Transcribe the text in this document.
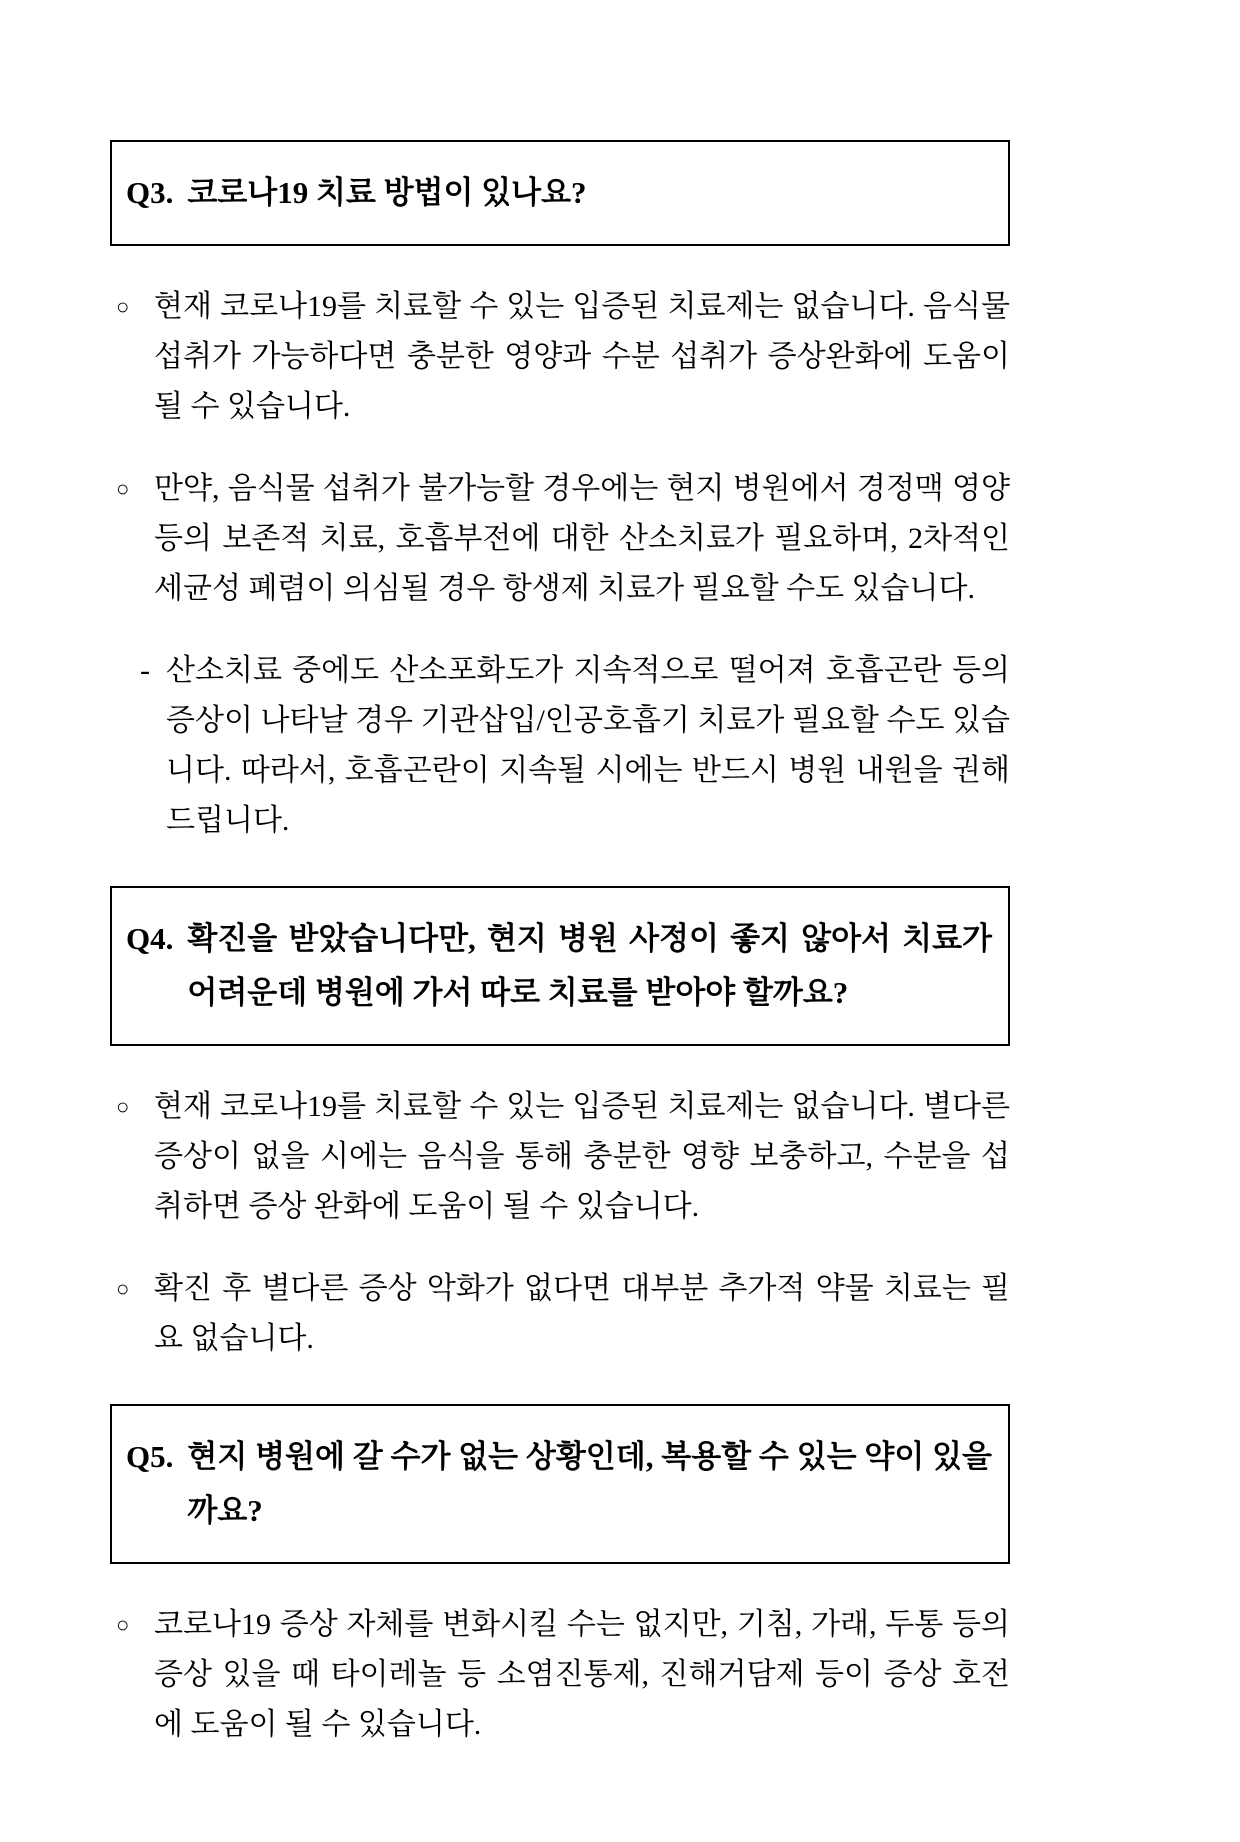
Q3. 코로나19 치료 방법이 있나요?
○ 현재 코로나19를 치료할 수 있는 입증된 치료제는 없습니다. 음식물 섭취가 가능하다면 충분한 영양과 수분 섭취가 증상완화에 도움이 될 수 있습니다.
○ 만약, 음식물 섭취가 불가능할 경우에는 현지 병원에서 경정맥 영양 등의 보존적 치료, 호흡부전에 대한 산소치료가 필요하며, 2차적인 세균성 폐렴이 의심될 경우 항생제 치료가 필요할 수도 있습니다.
- 산소치료 중에도 산소포화도가 지속적으로 떨어져 호흡곤란 등의 증상이 나타날 경우 기관삽입/인공호흡기 치료가 필요할 수도 있습니다. 따라서, 호흡곤란이 지속될 시에는 반드시 병원 내원을 권해드립니다.
Q4. 확진을 받았습니다만, 현지 병원 사정이 좋지 않아서 치료가 어려운데 병원에 가서 따로 치료를 받아야 할까요?
○ 현재 코로나19를 치료할 수 있는 입증된 치료제는 없습니다. 별다른 증상이 없을 시에는 음식을 통해 충분한 영향 보충하고, 수분을 섭취하면 증상 완화에 도움이 될 수 있습니다.
○ 확진 후 별다른 증상 악화가 없다면 대부분 추가적 약물 치료는 필요 없습니다.
Q5. 현지 병원에 갈 수가 없는 상황인데, 복용할 수 있는 약이 있을까요?
○ 코로나19 증상 자체를 변화시킬 수는 없지만, 기침, 가래, 두통 등의 증상 있을 때 타이레놀 등 소염진통제, 진해거담제 등이 증상 호전에 도움이 될 수 있습니다.
